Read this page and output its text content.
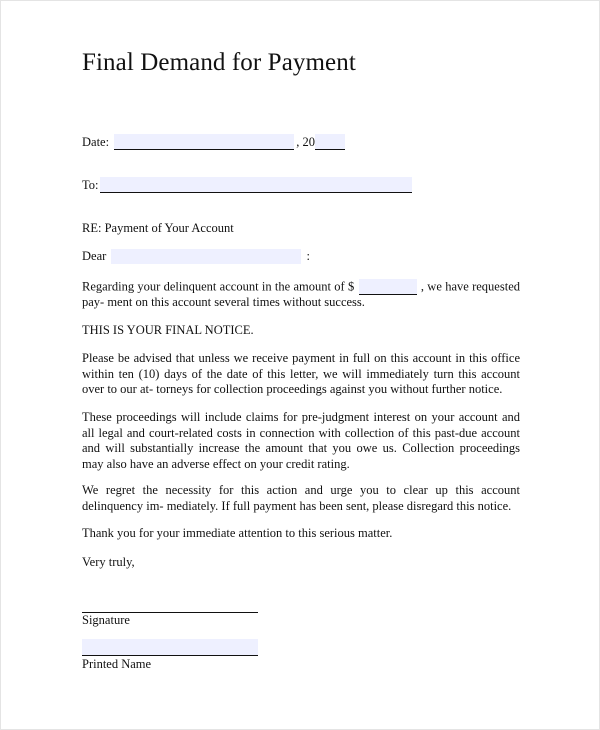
Final Demand for Payment
Date:	, 20
To:
RE: Payment of Your Account
Dear	:
Regarding your delinquent account in the amount of $	, we have requested pay- ment on this account several times without success.
THIS IS YOUR FINAL NOTICE.
Please be advised that unless we receive payment in full on this account in this office within ten (10) days of the date of this letter, we will immediately turn this account over to our at- torneys for collection proceedings against you without further notice.
These proceedings will include claims for pre-judgment interest on your account and all legal and court-related costs in connection with collection of this past-due account and will substantially increase the amount that you owe us. Collection proceedings may also have an adverse effect on your credit rating.
We regret the necessity for this action and urge you to clear up this account delinquency im- mediately. If full payment has been sent, please disregard this notice.
Thank you for your immediate attention to this serious matter.
Very truly,
Signature
Printed Name
